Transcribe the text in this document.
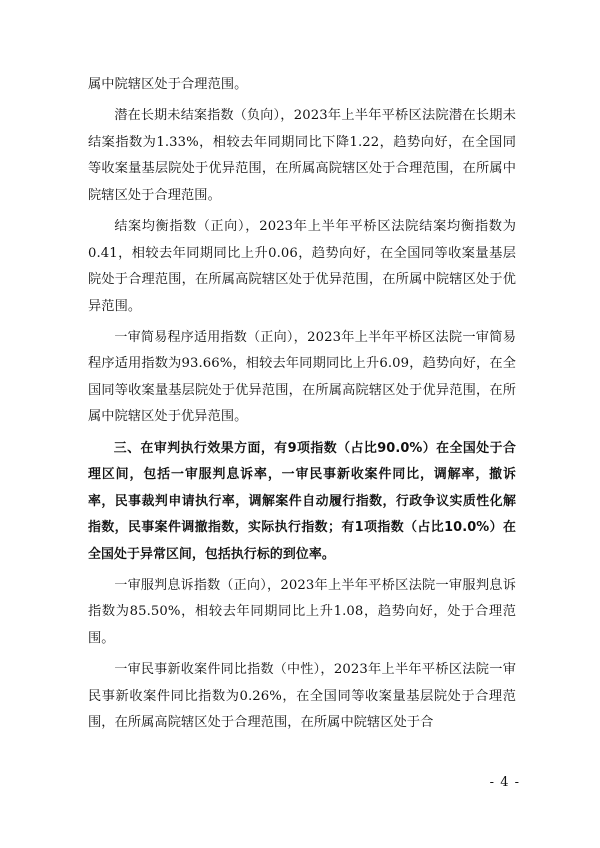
属中院辖区处于合理范围。

潜在长期未结案指数（负向），2023年上半年平桥区法院潜在长期未结案指数为1.33%，相较去年同期同比下降1.22，趋势向好，在全国同等收案量基层院处于优异范围，在所属高院辖区处于合理范围，在所属中院辖区处于合理范围。

结案均衡指数（正向），2023年上半年平桥区法院结案均衡指数为0.41，相较去年同期同比上升0.06，趋势向好，在全国同等收案量基层院处于合理范围，在所属高院辖区处于优异范围，在所属中院辖区处于优异范围。

一审简易程序适用指数（正向），2023年上半年平桥区法院一审简易程序适用指数为93.66%，相较去年同期同比上升6.09，趋势向好，在全国同等收案量基层院处于优异范围，在所属高院辖区处于优异范围，在所属中院辖区处于优异范围。

三、在审判执行效果方面，有9项指数（占比90.0%）在全国处于合理区间，包括一审服判息诉率，一审民事新收案件同比，调解率，撤诉率，民事裁判申请执行率，调解案件自动履行指数，行政争议实质性化解指数，民事案件调撤指数，实际执行指数；有1项指数（占比10.0%）在全国处于异常区间，包括执行标的到位率。

一审服判息诉指数（正向），2023年上半年平桥区法院一审服判息诉指数为85.50%，相较去年同期同比上升1.08，趋势向好，处于合理范围。

一审民事新收案件同比指数（中性），2023年上半年平桥区法院一审民事新收案件同比指数为0.26%，在全国同等收案量基层院处于合理范围，在所属高院辖区处于合理范围，在所属中院辖区处于合

- 4 -
